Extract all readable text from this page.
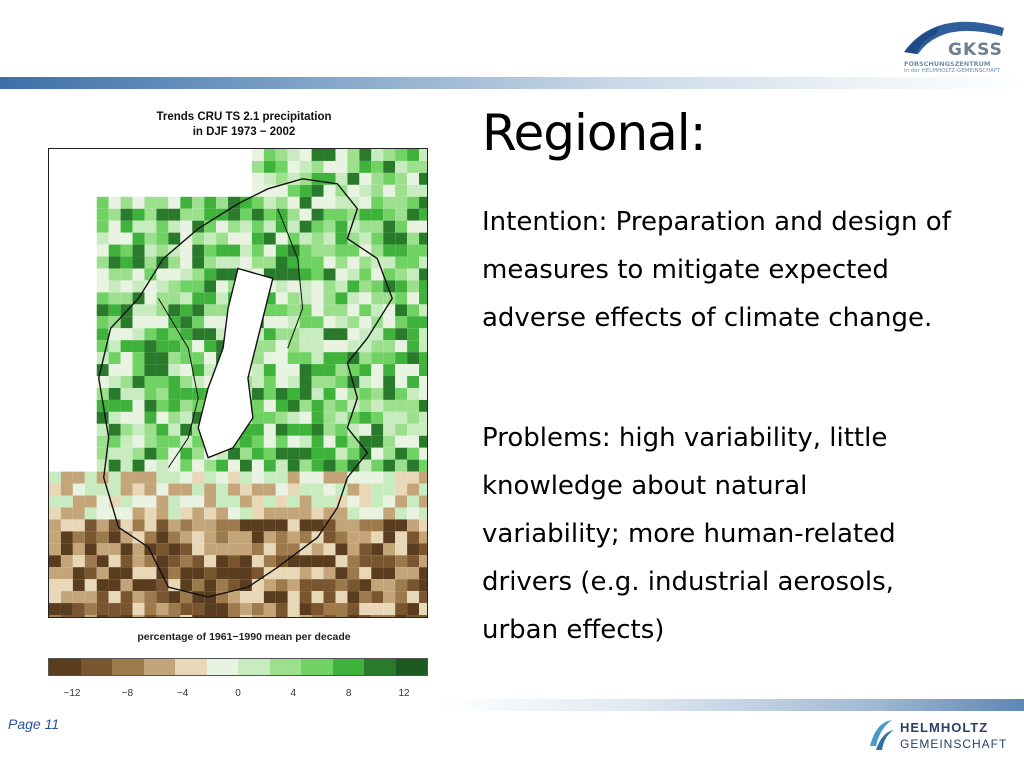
GKSS
FORSCHUNGSZENTRUM
in der HELMHOLTZ-GEMEINSCHAFT
Trends CRU TS 2.1 precipitation
in DJF 1973 − 2002
percentage of 1961−1990 mean per decade
−12	−8	−4	0	4	8	12
Regional:

Intention: Preparation and design of measures to mitigate expected adverse effects of climate change.

Problems: high variability, little knowledge about natural variability; more human-related drivers (e.g. industrial aerosols, urban effects)

Page 11	HELMHOLTZ
GEMEINSCHAFT
